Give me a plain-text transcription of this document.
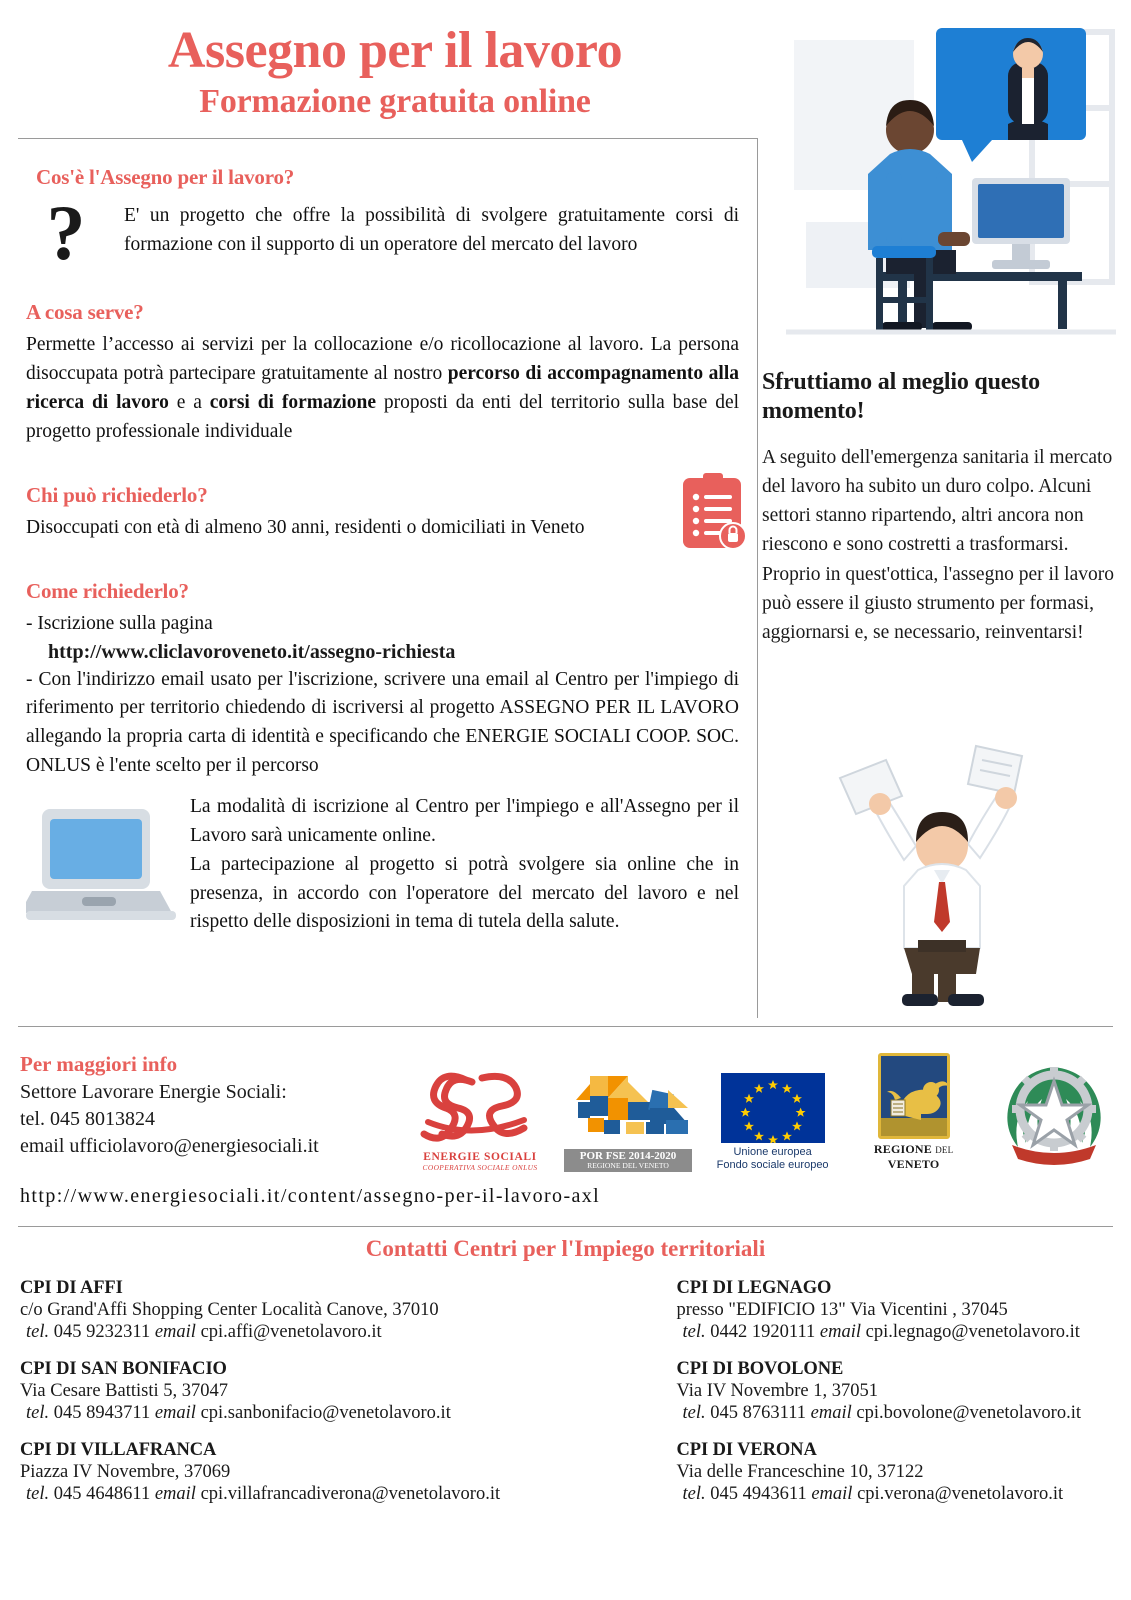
Assegno per il lavoro
Formazione gratuita online
Cos'è l'Assegno per il lavoro?
?	E' un progetto che offre la possibilità di svolgere gratuitamente corsi di formazione con il supporto di un operatore del mercato del lavoro

A cosa serve?

Permette l’accesso ai servizi per la collocazione e/o ricollocazione al lavoro. La persona disoccupata potrà partecipare gratuitamente al nostro percorso di accompagnamento alla ricerca di lavoro e a corsi di formazione proposti da enti del territorio sulla base del progetto professionale individuale

Chi può richiederlo?

Disoccupati con età di almeno 30 anni, residenti o domiciliati in Veneto

Come richiederlo?

- Iscrizione sulla pagina

http://www.cliclavoroveneto.it/assegno-richiesta

- Con l'indirizzo email usato per l'iscrizione, scrivere una email al Centro per l'impiego di riferimento per territorio chiedendo di iscriversi al progetto ASSEGNO PER IL LAVORO allegando la propria carta di identità e specificando che ENERGIE SOCIALI COOP. SOC. ONLUS è l'ente scelto per il percorso

La modalità di iscrizione al Centro per l'impiego e all'Assegno per il Lavoro sarà unicamente online.

La partecipazione al progetto si potrà svolgere sia online che in presenza, in accordo con l'operatore del mercato del lavoro e nel rispetto delle disposizioni in tema di tutela della salute.

Sfruttiamo al meglio questo momento!

A seguito dell'emergenza sanitaria il mercato del lavoro ha subito un duro colpo. Alcuni settori stanno ripartendo, altri ancora non riescono e sono costretti a trasformarsi. Proprio in quest'ottica, l'assegno per il lavoro può essere il giusto strumento per formasi, aggiornarsi e, se necessario, reinventarsi!

Per maggiori info

Settore Lavorare Energie Sociali:

tel. 045 8013824

email ufficiolavoro@energiesociali.it

http://www.energiesociali.it/content/assegno-per-il-lavoro-axl
ENERGIE SOCIALI
COOPERATIVA SOCIALE ONLUS
POR FSE 2014-2020
REGIONE DEL VENETO
Unione europea
Fondo sociale europeo
REGIONE DEL VENETO
Contatti Centri per l'Impiego territoriali

CPI DI AFFI

c/o Grand'Affi Shopping Center Località Canove, 37010

tel. 045 9232311 email cpi.affi@venetolavoro.it

CPI DI SAN BONIFACIO

Via Cesare Battisti 5, 37047

tel. 045 8943711 email cpi.sanbonifacio@venetolavoro.it

CPI DI VILLAFRANCA

Piazza IV Novembre, 37069

tel. 045 4648611 email cpi.villafrancadiverona@venetolavoro.it

CPI DI LEGNAGO

presso "EDIFICIO 13" Via Vicentini , 37045

tel. 0442 1920111 email cpi.legnago@venetolavoro.it

CPI DI BOVOLONE

Via IV Novembre 1, 37051

tel. 045 8763111 email cpi.bovolone@venetolavoro.it

CPI DI VERONA

Via delle Franceschine 10, 37122

tel. 045 4943611 email cpi.verona@venetolavoro.it
